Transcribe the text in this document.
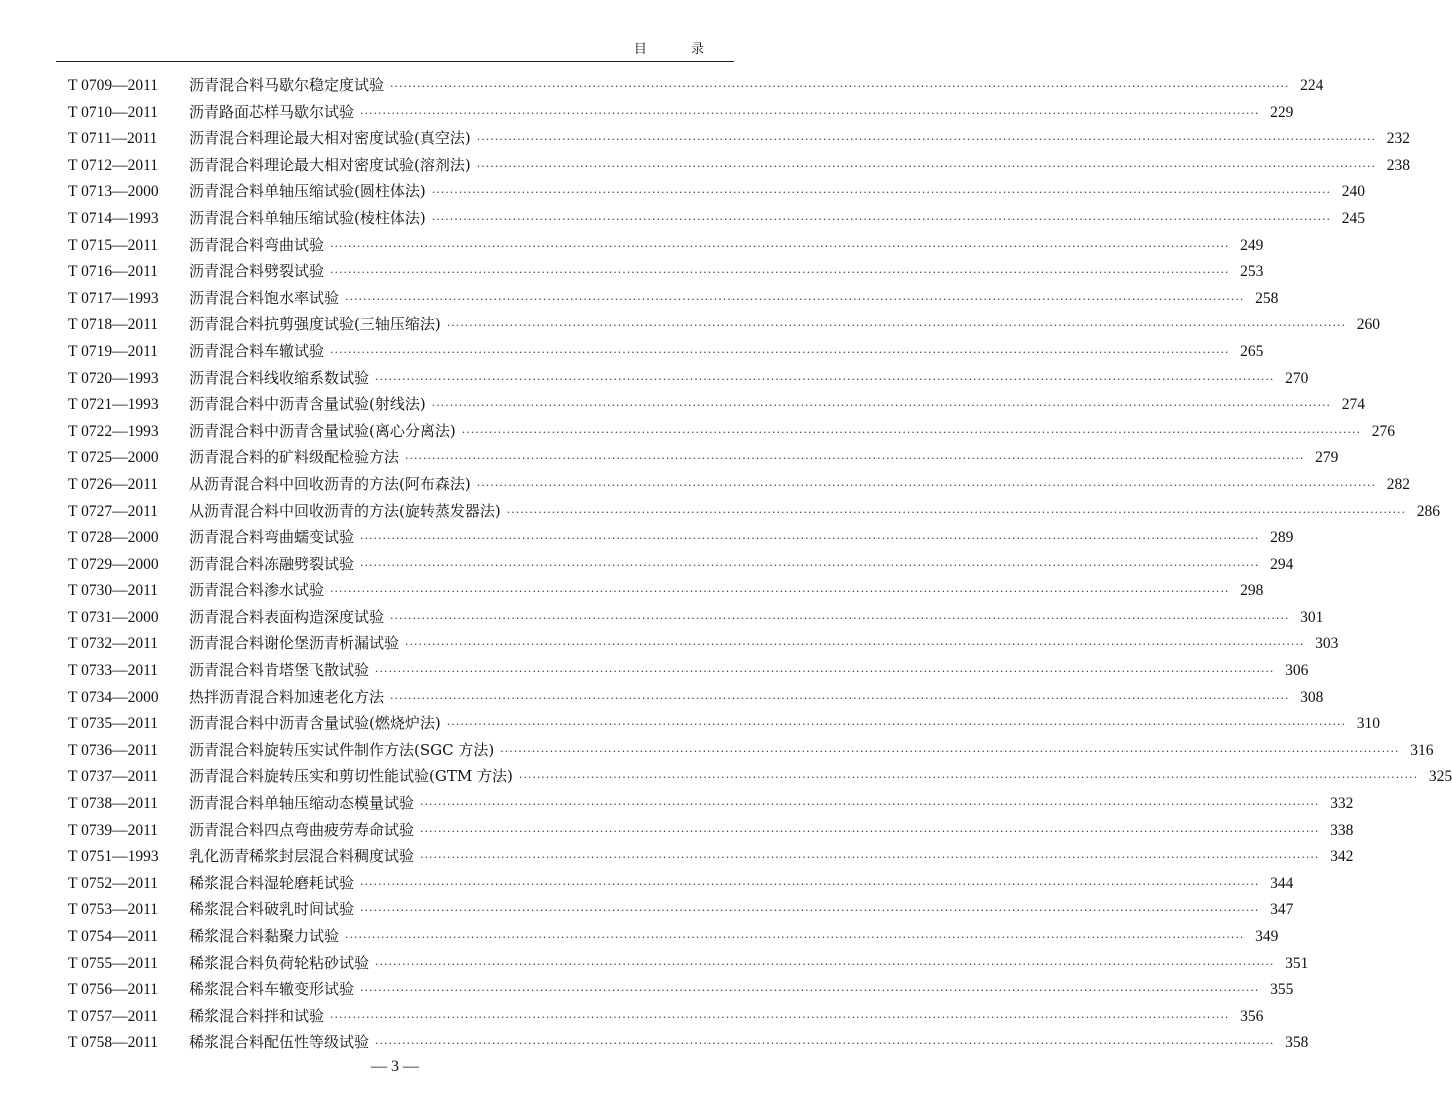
目 录
T 0709—2011	沥青混合料马歇尔稳定度试验 ········································································································································································································ 224
T 0710—2011	沥青路面芯样马歇尔试验 ········································································································································································································ 229
T 0711—2011	沥青混合料理论最大相对密度试验(真空法) ········································································································································································································ 232
T 0712—2011	沥青混合料理论最大相对密度试验(溶剂法) ········································································································································································································ 238
T 0713—2000	沥青混合料单轴压缩试验(圆柱体法) ········································································································································································································ 240
T 0714—1993	沥青混合料单轴压缩试验(棱柱体法) ········································································································································································································ 245
T 0715—2011	沥青混合料弯曲试验 ········································································································································································································ 249
T 0716—2011	沥青混合料劈裂试验 ········································································································································································································ 253
T 0717—1993	沥青混合料饱水率试验 ········································································································································································································ 258
T 0718—2011	沥青混合料抗剪强度试验(三轴压缩法) ········································································································································································································ 260
T 0719—2011	沥青混合料车辙试验 ········································································································································································································ 265
T 0720—1993	沥青混合料线收缩系数试验 ········································································································································································································ 270
T 0721—1993	沥青混合料中沥青含量试验(射线法) ········································································································································································································ 274
T 0722—1993	沥青混合料中沥青含量试验(离心分离法) ········································································································································································································ 276
T 0725—2000	沥青混合料的矿料级配检验方法 ········································································································································································································ 279
T 0726—2011	从沥青混合料中回收沥青的方法(阿布森法) ········································································································································································································ 282
T 0727—2011	从沥青混合料中回收沥青的方法(旋转蒸发器法) ········································································································································································································ 286
T 0728—2000	沥青混合料弯曲蠕变试验 ········································································································································································································ 289
T 0729—2000	沥青混合料冻融劈裂试验 ········································································································································································································ 294
T 0730—2011	沥青混合料渗水试验 ········································································································································································································ 298
T 0731—2000	沥青混合料表面构造深度试验 ········································································································································································································ 301
T 0732—2011	沥青混合料谢伦堡沥青析漏试验 ········································································································································································································ 303
T 0733—2011	沥青混合料肯塔堡飞散试验 ········································································································································································································ 306
T 0734—2000	热拌沥青混合料加速老化方法 ········································································································································································································ 308
T 0735—2011	沥青混合料中沥青含量试验(燃烧炉法) ········································································································································································································ 310
T 0736—2011	沥青混合料旋转压实试件制作方法(SGC 方法) ········································································································································································································ 316
T 0737—2011	沥青混合料旋转压实和剪切性能试验(GTM 方法) ········································································································································································································ 325
T 0738—2011	沥青混合料单轴压缩动态模量试验 ········································································································································································································ 332
T 0739—2011	沥青混合料四点弯曲疲劳寿命试验 ········································································································································································································ 338
T 0751—1993	乳化沥青稀浆封层混合料稠度试验 ········································································································································································································ 342
T 0752—2011	稀浆混合料湿轮磨耗试验 ········································································································································································································ 344
T 0753—2011	稀浆混合料破乳时间试验 ········································································································································································································ 347
T 0754—2011	稀浆混合料黏聚力试验 ········································································································································································································ 349
T 0755—2011	稀浆混合料负荷轮粘砂试验 ········································································································································································································ 351
T 0756—2011	稀浆混合料车辙变形试验 ········································································································································································································ 355
T 0757—2011	稀浆混合料拌和试验 ········································································································································································································ 356
T 0758—2011	稀浆混合料配伍性等级试验 ········································································································································································································ 358
— 3 —
